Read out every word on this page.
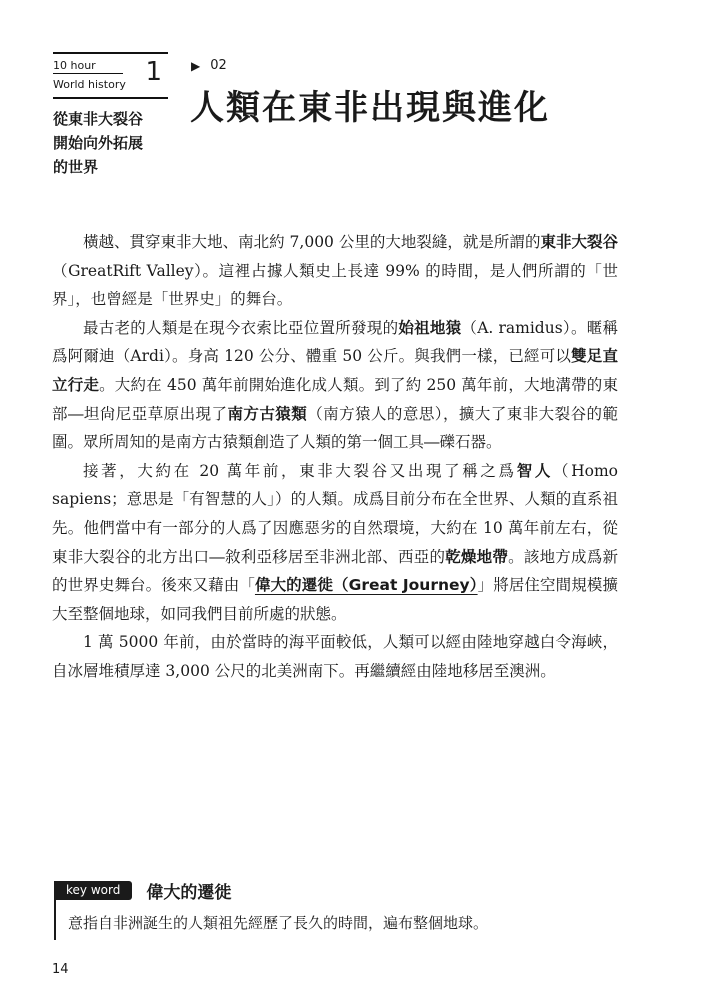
10 hour
World history 1
從東非大裂谷
開始向外拓展
的世界
▶ 02
人類在東非出現與進化

橫越、貫穿東非大地、南北約 7,000 公里的大地裂縫，就是所謂的東非大裂谷（GreatRift Valley）。這裡占據人類史上長達 99% 的時間，是人們所謂的「世界」，也曾經是「世界史」的舞台。

最古老的人類是在現今衣索比亞位置所發現的始祖地猿（A. ramidus）。暱稱爲阿爾迪（Ardi）。身高 120 公分、體重 50 公斤。與我們一樣，已經可以雙足直立行走。大約在 450 萬年前開始進化成人類。到了約 250 萬年前，大地溝帶的東部―坦尙尼亞草原出現了南方古猿類（南方猿人的意思），擴大了東非大裂谷的範圍。眾所周知的是南方古猿類創造了人類的第一個工具―礫石器。

接著，大約在 20 萬年前，東非大裂谷又出現了稱之爲智人（Homo sapiens；意思是「有智慧的人」）的人類。成爲目前分布在全世界、人類的直系祖先。他們當中有一部分的人爲了因應惡劣的自然環境，大約在 10 萬年前左右，從東非大裂谷的北方出口―敘利亞移居至非洲北部、西亞的乾燥地帶。該地方成爲新的世界史舞台。後來又藉由「偉大的遷徙（Great Journey）」將居住空間規模擴大至整個地球，如同我們目前所處的狀態。

1 萬 5000 年前，由於當時的海平面較低，人類可以經由陸地穿越白令海峽，自冰層堆積厚達 3,000 公尺的北美洲南下。再繼續經由陸地移居至澳洲。

key word	偉大的遷徙
意指自非洲誕生的人類祖先經歷了長久的時間，遍布整個地球。
14
